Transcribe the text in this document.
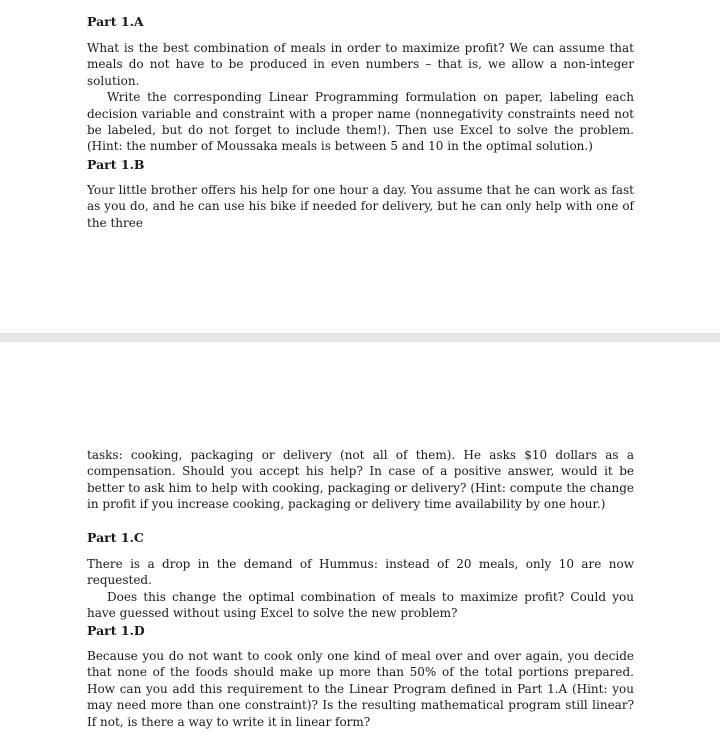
Part 1.A

What is the best combination of meals in order to maximize profit? We can assume that meals do not have to be produced in even numbers – that is, we allow a non-integer solution.

Write the corresponding Linear Programming formulation on paper, labeling each decision variable and constraint with a proper name (nonnegativity constraints need not be labeled, but do not forget to include them!). Then use Excel to solve the problem. (Hint: the number of Moussaka meals is between 5 and 10 in the optimal solution.)

Part 1.B

Your little brother offers his help for one hour a day. You assume that he can work as fast as you do, and he can use his bike if needed for delivery, but he can only help with one of the three

tasks: cooking, packaging or delivery (not all of them). He asks $10 dollars as a compensation. Should you accept his help? In case of a positive answer, would it be better to ask him to help with cooking, packaging or delivery? (Hint: compute the change in profit if you increase cooking, packaging or delivery time availability by one hour.)

Part 1.C

There is a drop in the demand of Hummus: instead of 20 meals, only 10 are now requested.

Does this change the optimal combination of meals to maximize profit? Could you have guessed without using Excel to solve the new problem?

Part 1.D

Because you do not want to cook only one kind of meal over and over again, you decide that none of the foods should make up more than 50% of the total portions prepared. How can you add this requirement to the Linear Program defined in Part 1.A (Hint: you may need more than one constraint)? Is the resulting mathematical program still linear? If not, is there a way to write it in linear form?
